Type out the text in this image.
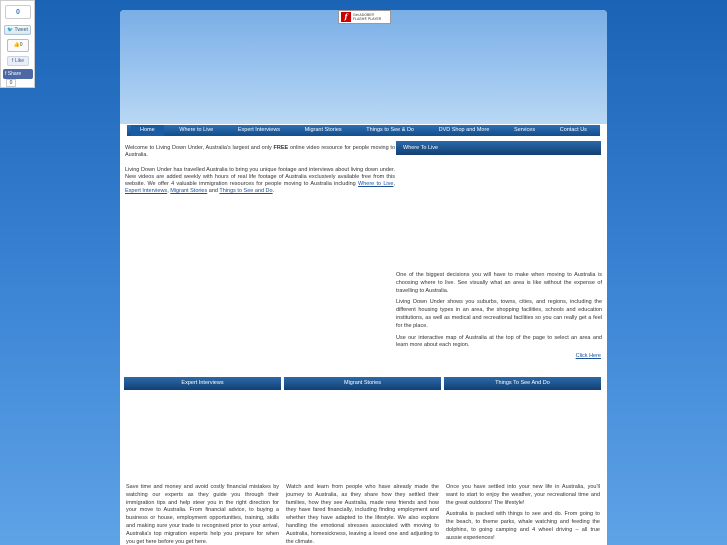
0
🐦 Tweet
👍0
f Like
f Share
0
f	Get ADOBE®
FLASH® PLAYER
Home	Where to Live	Expert Interviews	Migrant Stories	Things to See & Do	DVD Shop and More	Services	Contact Us

Welcome to Living Down Under, Australia's largest and only FREE online video resource for people moving to Australia.

Living Down Under has travelled Australia to bring you unique footage and interviews about living down under. New videos are added weekly with hours of real life footage of Australia exclusively available free from this website. We offer 4 valuable immigration resources for people moving to Australia including Where to Live, Expert Interviews, Migrant Stories and Things to See and Do.

Where To Live

One of the biggest decisions you will have to make when moving to Australia is choosing where to live. See visually what an area is like without the expense of travelling to Australia.

Living Down Under shows you suburbs, towns, cities, and regions, including the different housing types in an area, the shopping facilities, schools and education institutions, as well as medical and recreational facilities so you can really get a feel for the place.

Use our interactive map of Australia at the top of the page to select an area and learn more about each region.

Click Here
Expert Interviews	Migrant Stories	Things To See And Do

Save time and money and avoid costly financial mistakes by watching our experts as they guide you through their immigration tips and help steer you in the right direction for your move to Australia. From financial advice, to buying a business or house, employment opportunities, training, skills and making sure your trade is recognised prior to your arrival, Australia's top migration experts help you prepare for when you get here before you get here.

Watch and learn from people who have already made the journey to Australia, as they share how they settled their families, how they see Australia, made new friends and how they have fared financially, including finding employment and whether they have adapted to the lifestyle. We also explore handling the emotional stresses associated with moving to Australia, homesickness, leaving a loved one and adjusting to the climate.

Once you have settled into your new life in Australia, you'll want to start to enjoy the weather, your recreational time and the great outdoors! The lifestyle!

Australia is packed with things to see and do. From going to the beach, to theme parks, whale watching and feeding the dolphins, to going camping and 4 wheel driving – all true aussie experiences!
